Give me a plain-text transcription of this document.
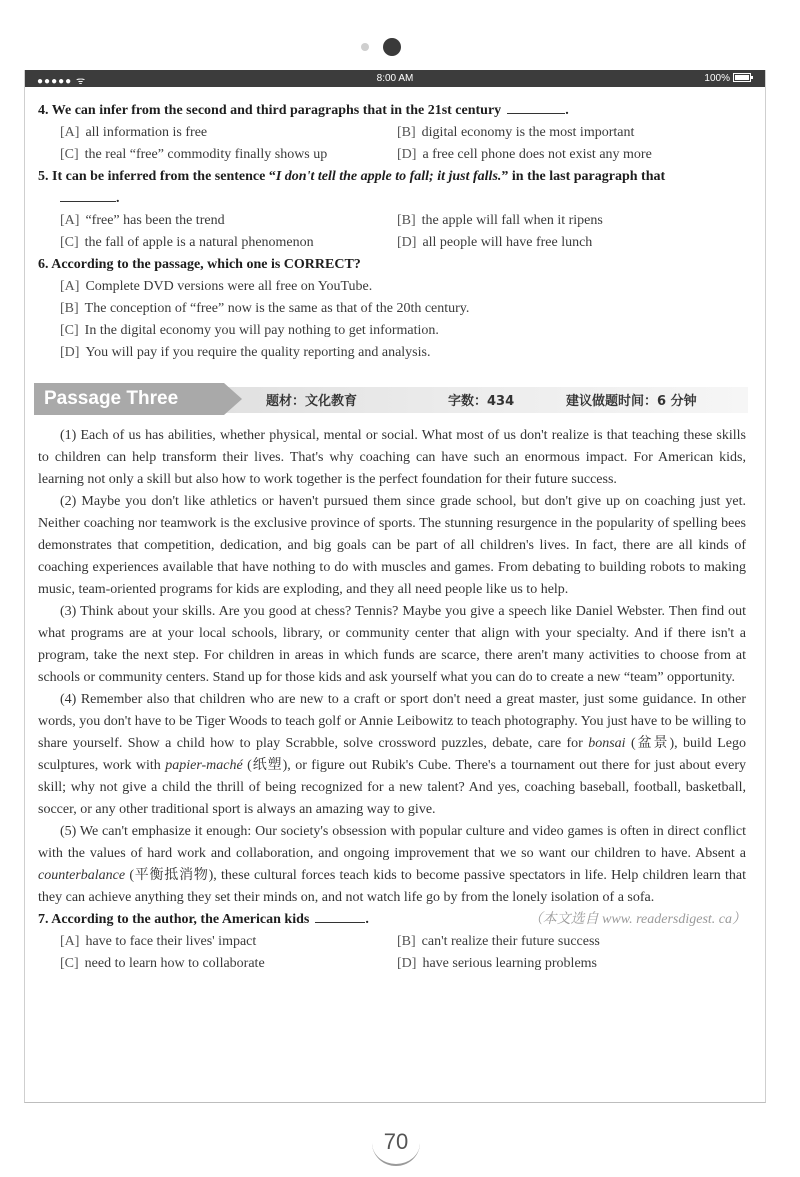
●●●●● ᯤ	8:00 AM	100%
4. We can infer from the second and third paragraphs that in the 21st century	.
[A] all information is free	[B] digital economy is the most important
[C] the real “free” commodity finally shows up	[D] a free cell phone does not exist any more
5. It can be inferred from the sentence “I don't tell the apple to fall; it just falls.” in the last paragraph that
.
[A] “free” has been the trend	[B] the apple will fall when it ripens
[C] the fall of apple is a natural phenomenon	[D] all people will have free lunch
6. According to the passage, which one is CORRECT?
[A] Complete DVD versions were all free on YouTube.
[B] The conception of “free” now is the same as that of the 20th century.
[C] In the digital economy you will pay nothing to get information.
[D] You will pay if you require the quality reporting and analysis.
Passage Three	题材：文化教育	字数：434	建议做题时间：6 分钟

(1) Each of us has abilities, whether physical, mental or social. What most of us don't realize is that teaching these skills to children can help transform their lives. That's why coaching can have such an enormous impact. For American kids, learning not only a skill but also how to work together is the perfect foundation for their future success.

(2) Maybe you don't like athletics or haven't pursued them since grade school, but don't give up on coaching just yet. Neither coaching nor teamwork is the exclusive province of sports. The stunning resurgence in the popularity of spelling bees demonstrates that competition, dedication, and big goals can be part of all children's lives. In fact, there are all kinds of coaching experiences available that have nothing to do with muscles and games. From debating to building robots to making music, team-oriented programs for kids are exploding, and they all need people like us to help.

(3) Think about your skills. Are you good at chess? Tennis? Maybe you give a speech like Daniel Webster. Then find out what programs are at your local schools, library, or community center that align with your specialty. And if there isn't a program, take the next step. For children in areas in which funds are scarce, there aren't many activities to choose from at schools or community centers. Stand up for those kids and ask yourself what you can do to create a new “team” opportunity.

(4) Remember also that children who are new to a craft or sport don't need a great master, just some guidance. In other words, you don't have to be Tiger Woods to teach golf or Annie Leibowitz to teach photography. You just have to be willing to share yourself. Show a child how to play Scrabble, solve crossword puzzles, debate, care for bonsai (盆景), build Lego sculptures, work with papier-maché (纸塑), or figure out Rubik's Cube. There's a tournament out there for just about every skill; why not give a child the thrill of being recognized for a new talent? And yes, coaching baseball, football, basketball, soccer, or any other traditional sport is always an amazing way to give.

(5) We can't emphasize it enough: Our society's obsession with popular culture and video games is often in direct conflict with the values of hard work and collaboration, and ongoing improvement that we so want our children to have. Absent a counterbalance (平衡抵消物), these cultural forces teach kids to become passive spectators in life. Help children learn that they can achieve anything they set their minds on, and not watch life go by from the lonely isolation of a sofa.
（本文选自 www. readersdigest. ca）

7. According to the author, the American kids	.
[A] have to face their lives' impact	[B] can't realize their future success
[C] need to learn how to collaborate	[D] have serious learning problems
70
